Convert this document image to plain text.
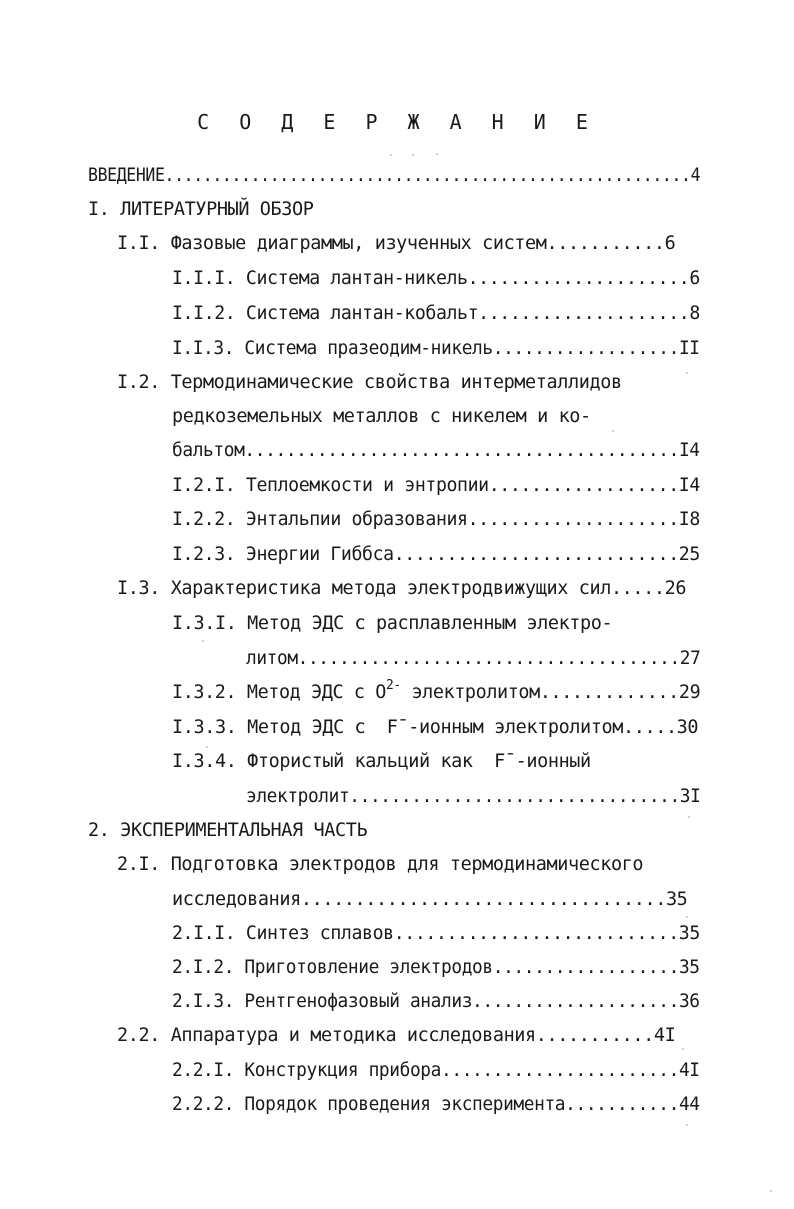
С О Д Е Р Ж А Н И Е
ВВЕДЕНИЕ.......................................................4
I. ЛИТЕРАТУРНЫЙ ОБЗОР
I.I. Фазовые диаграммы, изученных систем...........6
I.I.I. Система лантан-никель.....................6
I.I.2. Система лантан-кобальт....................8
I.I.3. Система празеодим-никель..................II
I.2. Термодинамические свойства интерметаллидов
редкоземельных металлов с никелем и ко-
бальтом..........................................I4
I.2.I. Теплоемкости и энтропии..................I4
I.2.2. Энтальпии образования....................I8
I.2.3. Энергии Гиббса...........................25
I.3. Характеристика метода электродвижущих сил.....26
I.3.I. Метод ЭДС с расплавленным электро-
литом.....................................27
I.3.2. Метод ЭДС с $O^{2-}$ электролитом.............29
I.3.3. Метод ЭДС с  F¯-ионным электролитом.....30
I.3.4. Фтористый кальций как  F¯-ионный
электролит................................3I
2. ЭКСПЕРИМЕНТАЛЬНАЯ ЧАСТЬ
2.I. Подготовка электродов для термодинамического
исследования..................................35
2.I.I. Синтез сплавов...........................35
2.I.2. Приготовление электродов..................35
2.I.3. Рентгенофазовый анализ....................36
2.2. Аппаратура и методика исследования...........4I
2.2.I. Конструкция прибора.......................4I
2.2.2. Порядок проведения эксперимента...........44
